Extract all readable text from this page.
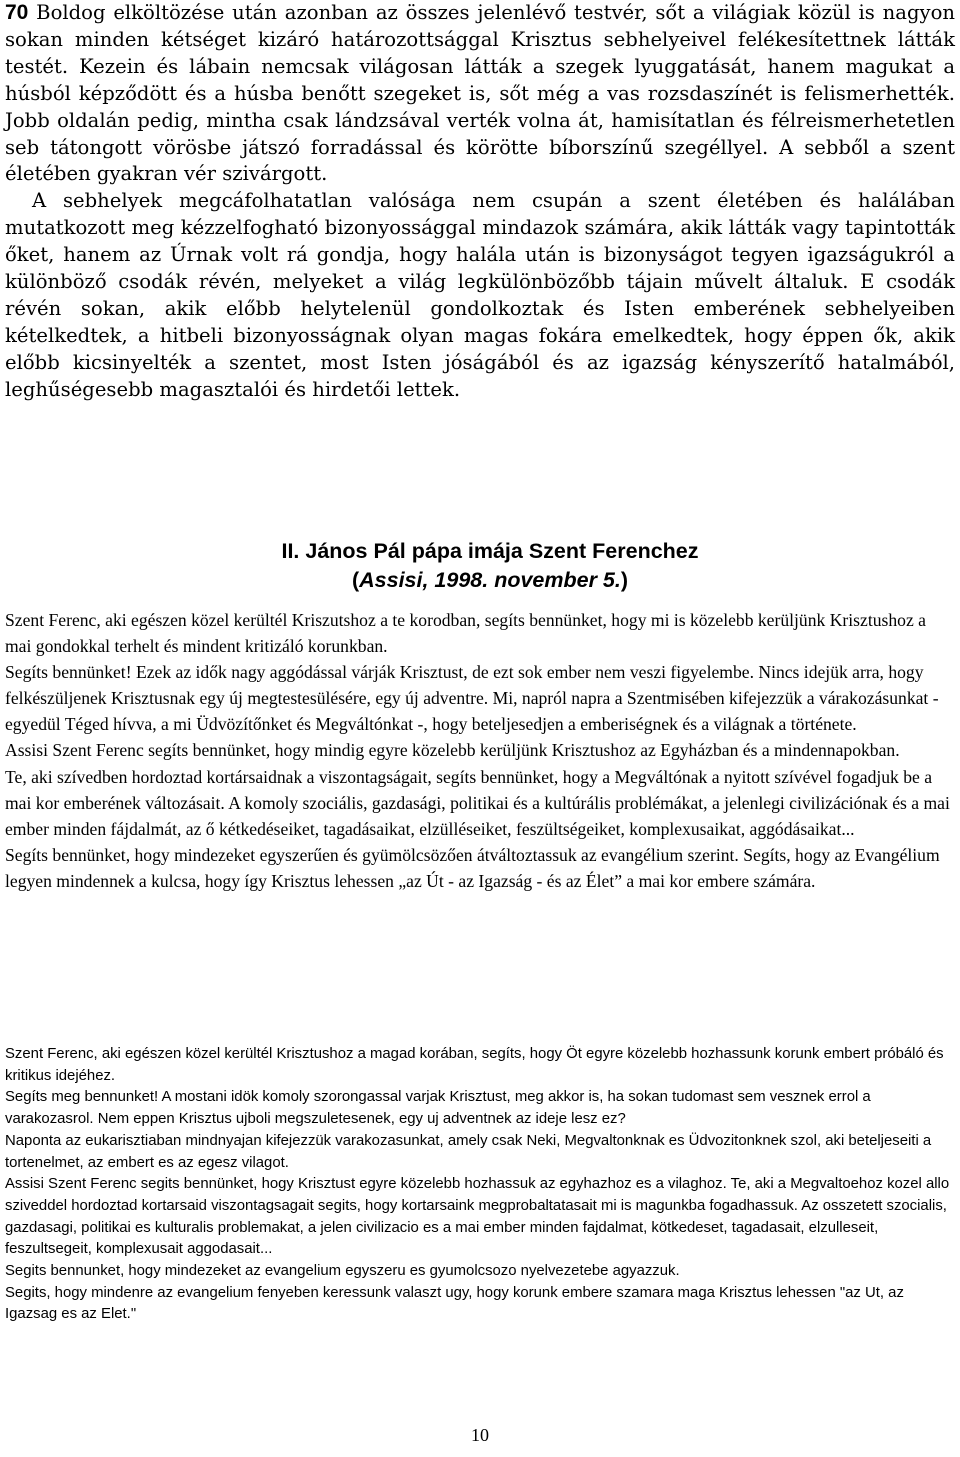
70 Boldog elköltözése után azonban az összes jelenlévő testvér, sőt a világiak közül is nagyon sokan minden kétséget kizáró határozottsággal Krisztus sebhelyeivel felékesítettnek látták testét. Kezein és lábain nemcsak világosan látták a szegek lyuggatását, hanem magukat a húsból képződött és a húsba benőtt szegeket is, sőt még a vas rozsdaszínét is felismerhették. Jobb oldalán pedig, mintha csak lándzsával verték volna át, hamisítatlan és félreismerhetetlen seb tátongott vörösbe játszó forradással és körötte bíborszínű szegéllyel. A sebből a szent életében gyakran vér szivárgott.

A sebhelyek megcáfolhatatlan valósága nem csupán a szent életében és halálában mutatkozott meg kézzelfogható bizonyossággal mindazok számára, akik látták vagy tapintották őket, hanem az Úrnak volt rá gondja, hogy halála után is bizonyságot tegyen igazságukról a különböző csodák révén, melyeket a világ legkülönbözőbb tájain művelt általuk. E csodák révén sokan, akik előbb helytelenül gondolkoztak és Isten emberének sebhelyeiben kételkedtek, a hitbeli bizonyosságnak olyan magas fokára emelkedtek, hogy éppen ők, akik előbb kicsinyelték a szentet, most Isten jóságából és az igazság kényszerítő hatalmából, leghűségesebb magasztalói és hirdetői lettek.

II. János Pál pápa imája Szent Ferenchez
(Assisi, 1998. november 5.)

Szent Ferenc, aki egészen közel kerültél Kriszutshoz a te korodban, segíts bennünket, hogy mi is közelebb kerüljünk Krisztushoz a mai gondokkal terhelt és mindent kritizáló korunkban.

Segíts bennünket! Ezek az idők nagy aggódással várják Krisztust, de ezt sok ember nem veszi figyelembe. Nincs idejük arra, hogy felkészüljenek Krisztusnak egy új megtestesülésére, egy új adventre. Mi, napról napra a Szentmisében kifejezzük a várakozásunkat - egyedül Téged hívva, a mi Üdvözítőnket és Megváltónkat -, hogy beteljesedjen a emberiségnek és a világnak a története.

Assisi Szent Ferenc segíts bennünket, hogy mindig egyre közelebb kerüljünk Krisztushoz az Egyházban és a mindennapokban.

Te, aki szívedben hordoztad kortársaidnak a viszontagságait, segíts bennünket, hogy a Megváltónak a nyitott szívével fogadjuk be a mai kor emberének változásait. A komoly szociális, gazdasági, politikai és a kultúrális problémákat, a jelenlegi civilizációnak és a mai ember minden fájdalmát, az ő kétkedéseiket, tagadásaikat, elzülléseiket, feszültségeiket, komplexusaikat, aggódásaikat...

Segíts bennünket, hogy mindezeket egyszerűen és gyümölcsözően átváltoztassuk az evangélium szerint. Segíts, hogy az Evangélium legyen mindennek a kulcsa, hogy így Krisztus lehessen „az Út - az Igazság - és az Élet” a mai kor embere számára.

Szent Ferenc, aki egészen közel kerültél Krisztushoz a magad korában, segíts, hogy Öt egyre közelebb hozhassunk korunk embert próbáló és kritikus idejéhez.

Segíts meg bennunket! A mostani idök komoly szorongassal varjak Krisztust, meg akkor is, ha sokan tudomast sem vesznek errol a varakozasrol. Nem eppen Krisztus ujboli megszuletesenek, egy uj adventnek az ideje lesz ez?

Naponta az eukarisztiaban mindnyajan kifejezzük varakozasunkat, amely csak Neki, Megvaltonknak es Üdvozitonknek szol, aki beteljeseiti a tortenelmet, az embert es az egesz vilagot.

Assisi Szent Ferenc segits bennünket, hogy Krisztust egyre közelebb hozhassuk az egyhazhoz es a vilaghoz. Te, aki a Megvaltoehoz kozel allo sziveddel hordoztad kortarsaid viszontagsagait segits, hogy kortarsaink megprobaltatasait mi is magunkba fogadhassuk. Az osszetett szocialis, gazdasagi, politikai es kulturalis problemakat, a jelen civilizacio es a mai ember minden fajdalmat, kötkedeset, tagadasait, elzulleseit, feszultsegeit, komplexusait aggodasait...

Segits bennunket, hogy mindezeket az evangelium egyszeru es gyumolcsozo nyelvezetebe agyazzuk.

Segits, hogy mindenre az evangelium fenyeben keressunk valaszt ugy, hogy korunk embere szamara maga Krisztus lehessen "az Ut, az Igazsag es az Elet."

10
